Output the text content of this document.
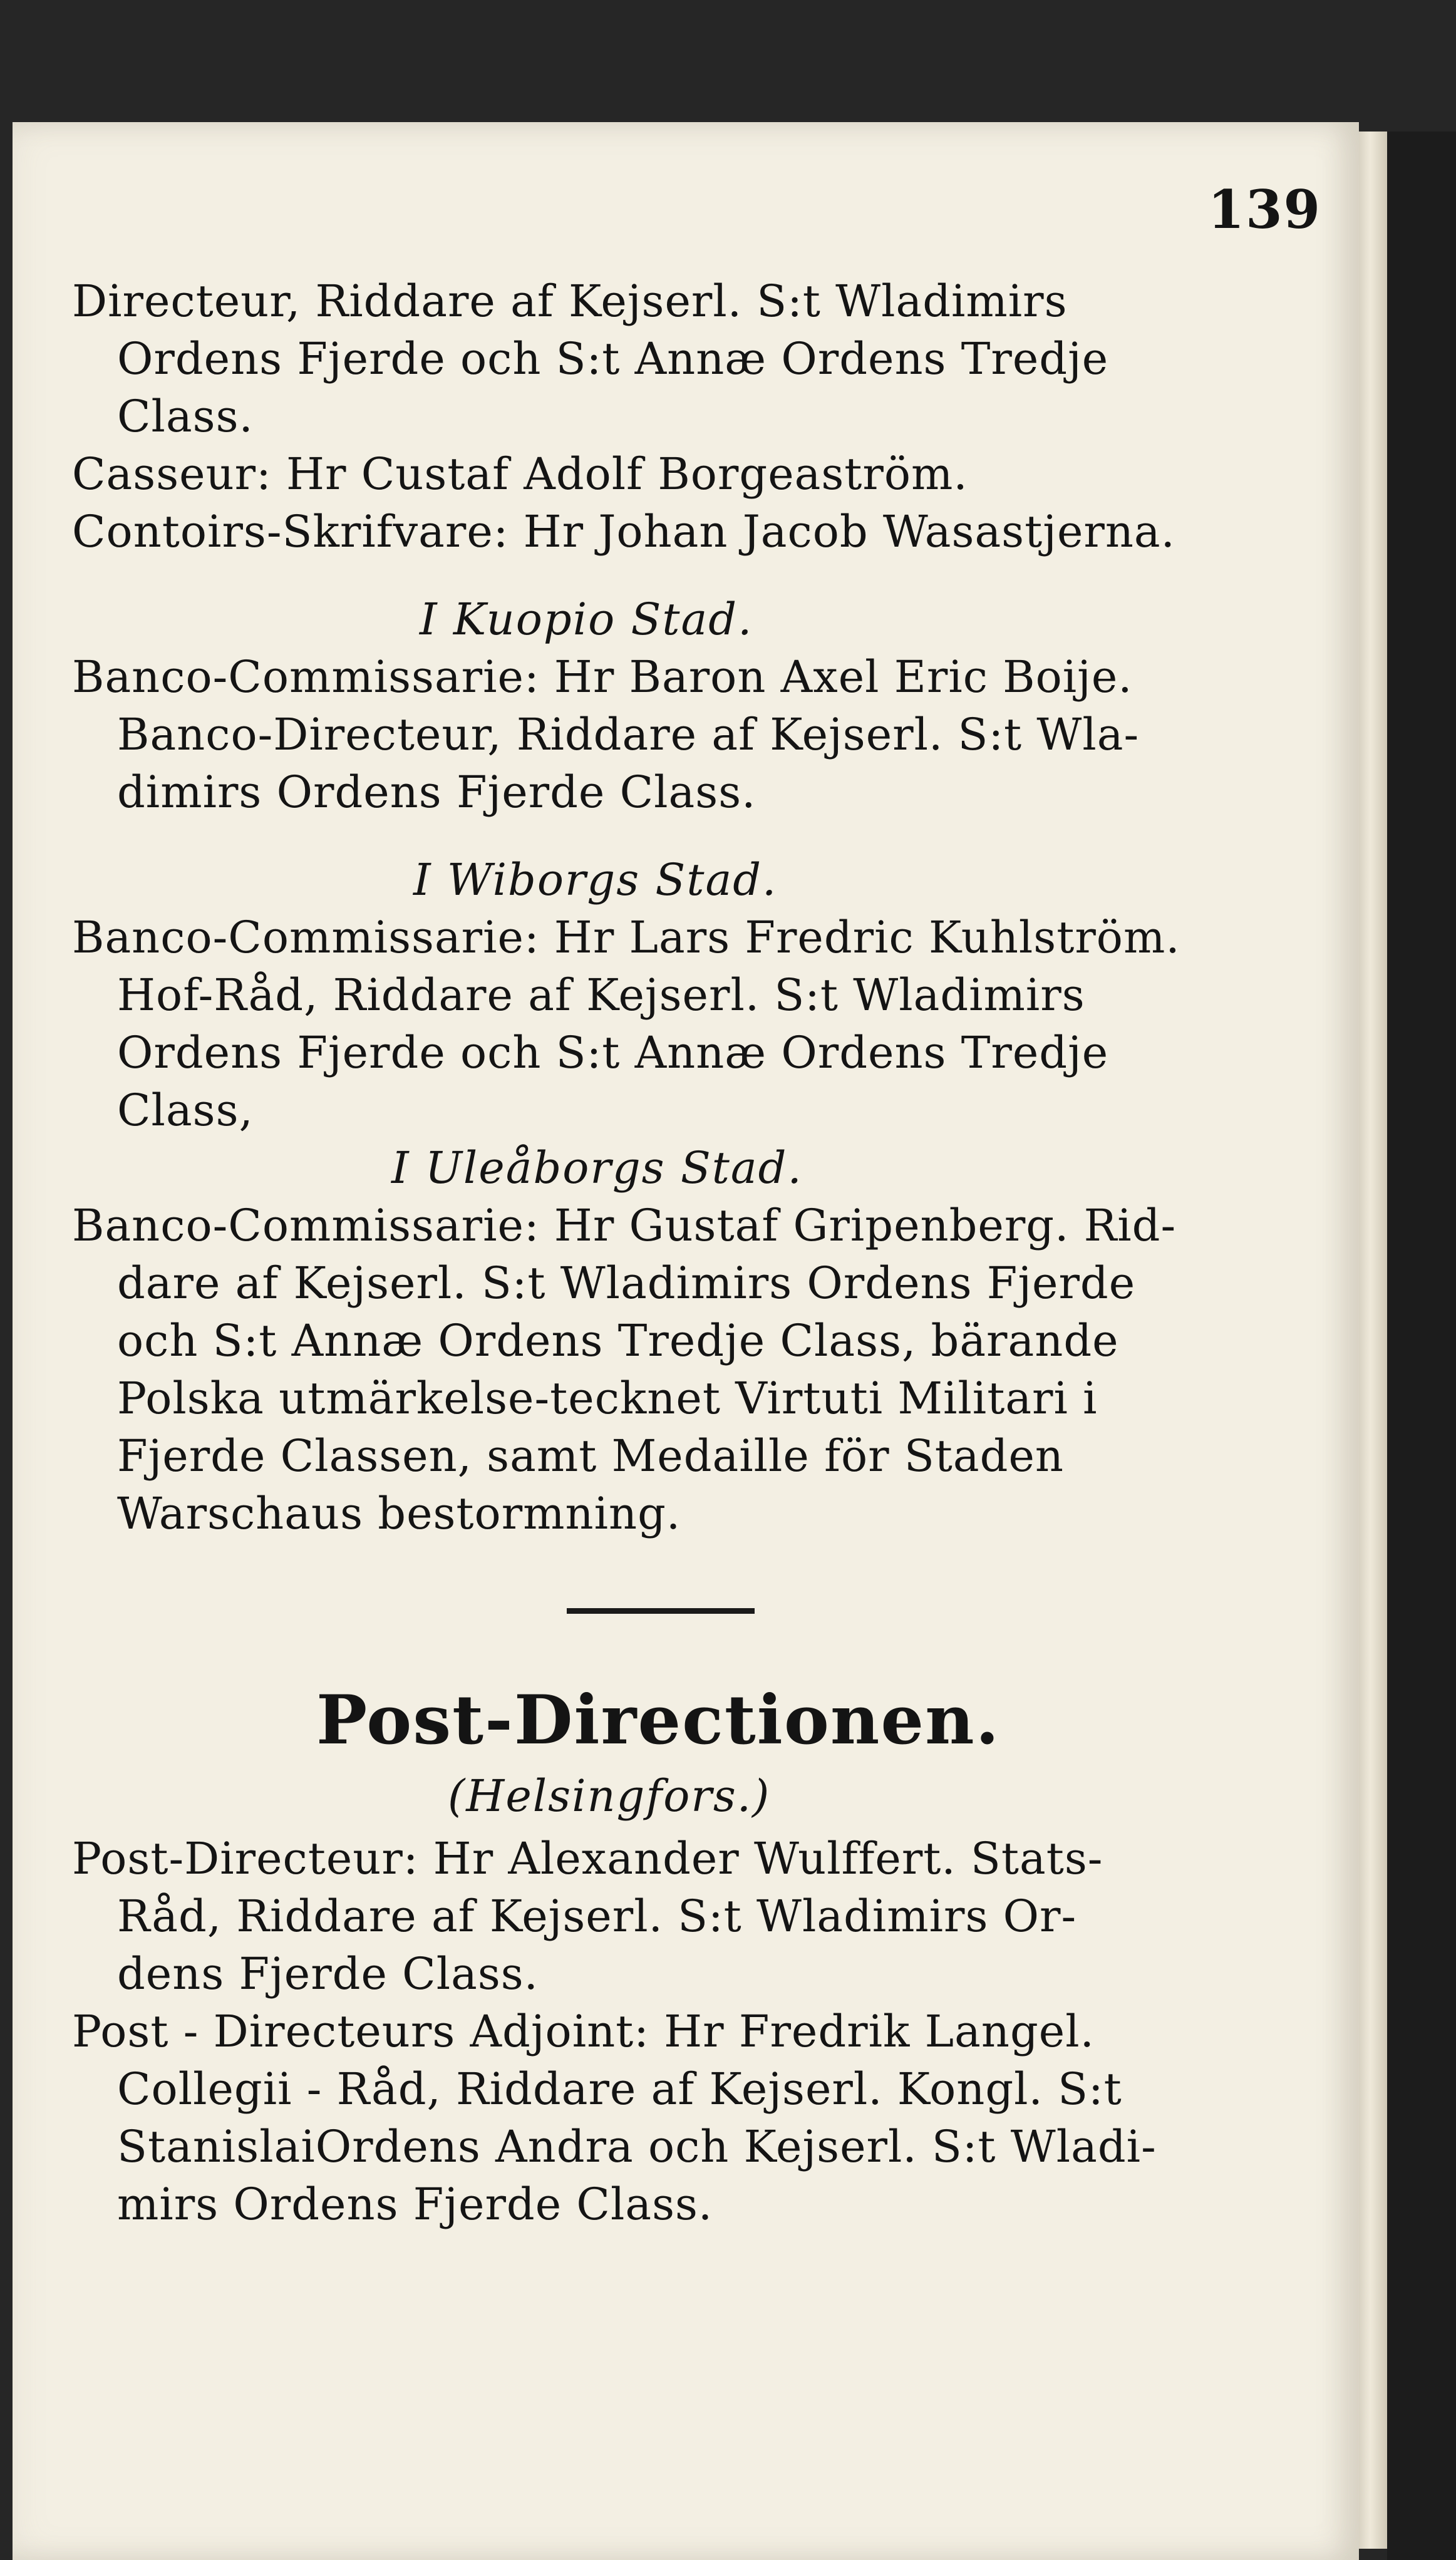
139
Directeur, Riddare af Kejserl. S:t Wladimirs
Ordens Fjerde och S:t Annæ Ordens Tredje
Class.
Casseur: Hr Custaf Adolf Borgeaström.
Contoirs-Skrifvare: Hr Johan Jacob Wasastjerna.
I Kuopio Stad.
Banco-Commissarie: Hr Baron Axel Eric Boije.
Banco-Directeur, Riddare af Kejserl. S:t Wla-
dimirs Ordens Fjerde Class.
I Wiborgs Stad.
Banco-Commissarie: Hr Lars Fredric Kuhlström.
Hof-Råd, Riddare af Kejserl. S:t Wladimirs
Ordens Fjerde och S:t Annæ Ordens Tredje
Class,
I Uleåborgs Stad.
Banco-Commissarie: Hr Gustaf Gripenberg. Rid-
dare af Kejserl. S:t Wladimirs Ordens Fjerde
och S:t Annæ Ordens Tredje Class, bärande
Polska utmärkelse-tecknet Virtuti Militari i
Fjerde Classen, samt Medaille för Staden
Warschaus bestormning.
Post-Directionen.
(Helsingfors.)
Post-Directeur: Hr Alexander Wulffert. Stats-
Råd, Riddare af Kejserl. S:t Wladimirs Or-
dens Fjerde Class.
Post - Directeurs Adjoint: Hr Fredrik Langel.
Collegii - Råd, Riddare af Kejserl. Kongl. S:t
StanislaiOrdens Andra och Kejserl. S:t Wladi-
mirs Ordens Fjerde Class.
